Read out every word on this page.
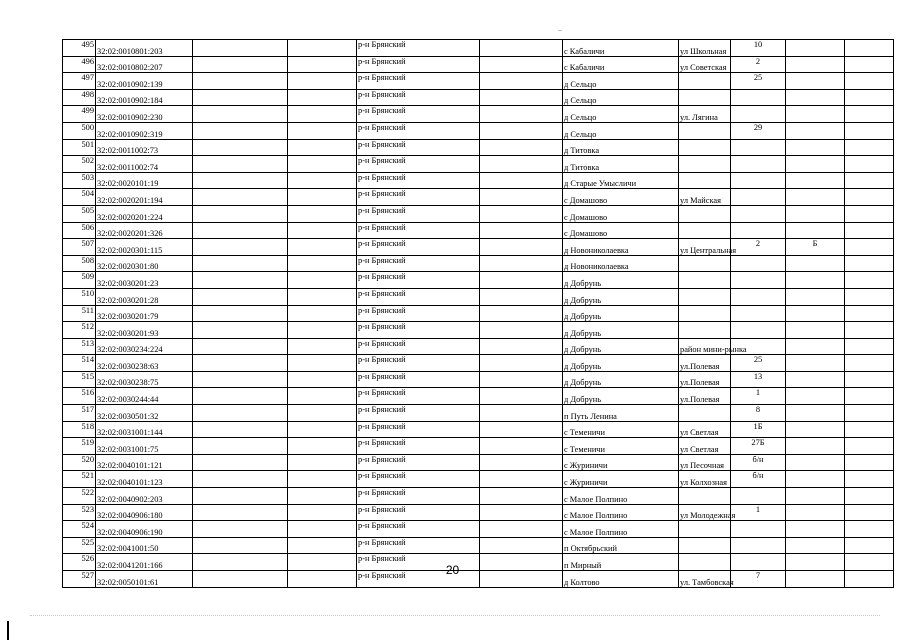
495	32:02:0010801:203			р-н Брянский		с Кабаличи	ул Школьная	10		
496	32:02:0010802:207			р-н Брянский		с Кабаличи	ул Советская	2		
497	32:02:0010902:139			р-н Брянский		д Сельцо		25		
498	32:02:0010902:184			р-н Брянский		д Сельцо				
499	32:02:0010902:230			р-н Брянский		д Сельцо	ул. Лягина			
500	32:02:0010902:319			р-н Брянский		д Сельцо		29		
501	32:02:0011002:73			р-н Брянский		д Титовка				
502	32:02:0011002:74			р-н Брянский		д Титовка				
503	32:02:0020101:19			р-н Брянский		д Старые Умысличи				
504	32:02:0020201:194			р-н Брянский		с Домашово	ул Майская			
505	32:02:0020201:224			р-н Брянский		с Домашово				
506	32:02:0020201:326			р-н Брянский		с Домашово				
507	32:02:0020301:115			р-н Брянский		д Новониколаевка	ул Центральная	2	Б	
508	32:02:0020301:80			р-н Брянский		д Новониколаевка				
509	32:02:0030201:23			р-н Брянский		д Добрунь				
510	32:02:0030201:28			р-н Брянский		д Добрунь				
511	32:02:0030201:79			р-н Брянский		д Добрунь				
512	32:02:0030201:93			р-н Брянский		д Добрунь				
513	32:02:0030234:224			р-н Брянский		д Добрунь	район мини-рынка			
514	32:02:0030238:63			р-н Брянский		д Добрунь	ул.Полевая	25		
515	32:02:0030238:75			р-н Брянский		д Добрунь	ул.Полевая	13		
516	32:02:0030244:44			р-н Брянский		д Добрунь	ул.Полевая	1		
517	32:02:0030501:32			р-н Брянский		п Путь Ленина		8		
518	32:02:0031001:144			р-н Брянский		с Теменичи	ул Светлая	1Б		
519	32:02:0031001:75			р-н Брянский		с Теменичи	ул Светлая	27Б		
520	32:02:0040101:121			р-н Брянский		с Журиничи	ул Песочная	б/н		
521	32:02:0040101:123			р-н Брянский		с Журиничи	ул Колхозная	б/н		
522	32:02:0040902:203			р-н Брянский		с Малое Полпино				
523	32:02:0040906:180			р-н Брянский		с Малое Полпино	ул Молодежная	1		
524	32:02:0040906:190			р-н Брянский		с Малое Полпино				
525	32:02:0041001:50			р-н Брянский		п Октябрьский				
526	32:02:0041201:166			р-н Брянский		п Мирный				
527	32:02:0050101:61			р-н Брянский		д Колтово	ул. Тамбовская	7		
20
